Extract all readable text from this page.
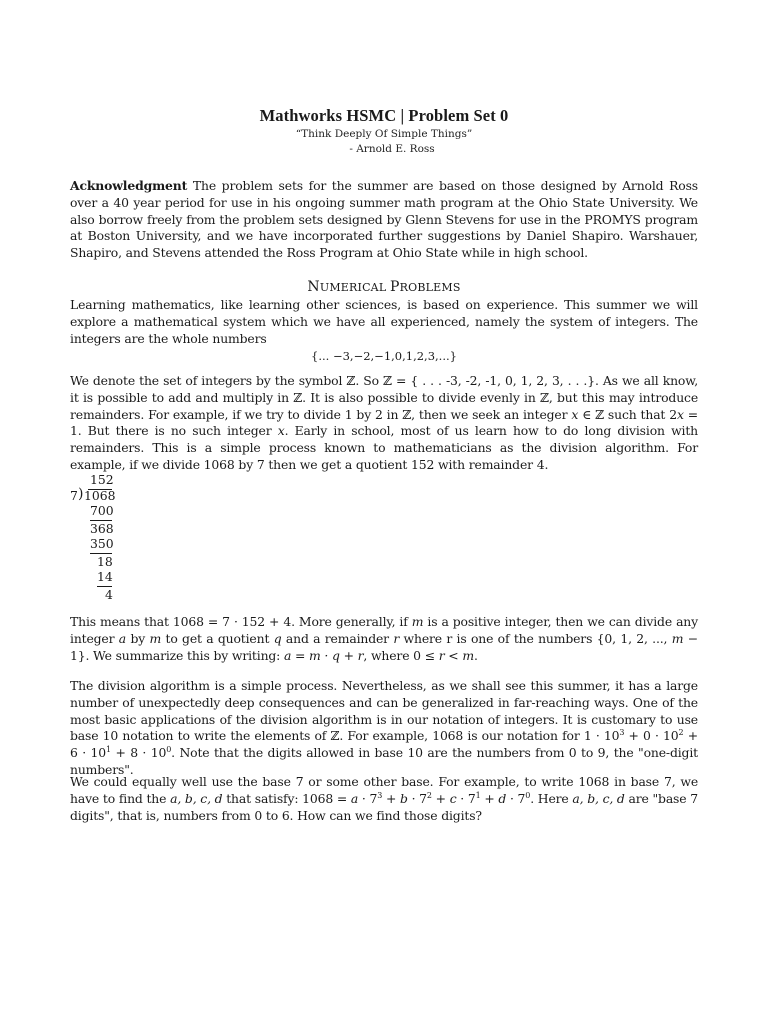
Mathworks HSMC | Problem Set 0
“Think Deeply Of Simple Things”
- Arnold E. Ross
Acknowledgment The problem sets for the summer are based on those designed by Arnold Ross over a 40 year period for use in his ongoing summer math program at the Ohio State University. We also borrow freely from the problem sets designed by Glenn Stevens for use in the PROMYS program at Boston University, and we have incorporated further suggestions by Daniel Shapiro. Warshauer, Shapiro, and Stevens attended the Ross Program at Ohio State while in high school.
NUMERICAL PROBLEMS
Learning mathematics, like learning other sciences, is based on experience. This summer we will explore a mathematical system which we have all experienced, namely the system of integers. The integers are the whole numbers
{... −3,−2,−1,0,1,2,3,...}
We denote the set of integers by the symbol ℤ. So ℤ = { . . . -3, -2, -1, 0, 1, 2, 3, . . .}. As we all know, it is possible to add and multiply in ℤ. It is also possible to divide evenly in ℤ, but this may introduce remainders. For example, if we try to divide 1 by 2 in ℤ, then we seek an integer x ∈ ℤ such that 2x = 1. But there is no such integer x. Early in school, most of us learn how to do long division with remainders. This is a simple process known to mathematicians as the division algorithm. For example, if we divide 1068 by 7 then we get a quotient 152 with remainder 4.
152
7 ) 1068
700
368
350
18
14
4
This means that 1068 = 7 · 152 + 4. More generally, if m is a positive integer, then we can divide any integer a by m to get a quotient q and a remainder r where r is one of the numbers {0, 1, 2, ..., m − 1}. We summarize this by writing: a = m · q + r, where 0 ≤ r < m.
The division algorithm is a simple process. Nevertheless, as we shall see this summer, it has a large number of unexpectedly deep consequences and can be generalized in far-reaching ways. One of the most basic applications of the division algorithm is in our notation of integers. It is customary to use base 10 notation to write the elements of ℤ. For example, 1068 is our notation for $1 \cdot 10^3 + 0 \cdot 10^2 + 6 \cdot 10^1 + 8 \cdot 10^0$. Note that the digits allowed in base 10 are the numbers from 0 to 9, the "one-digit numbers".
We could equally well use the base 7 or some other base. For example, to write 1068 in base 7, we have to find the a, b, c, d that satisfy: $1068 = a \cdot 7^3 + b \cdot 7^2 + c \cdot 7^1 + d \cdot 7^0$. Here a, b, c, d are "base 7 digits", that is, numbers from 0 to 6. How can we find those digits?
